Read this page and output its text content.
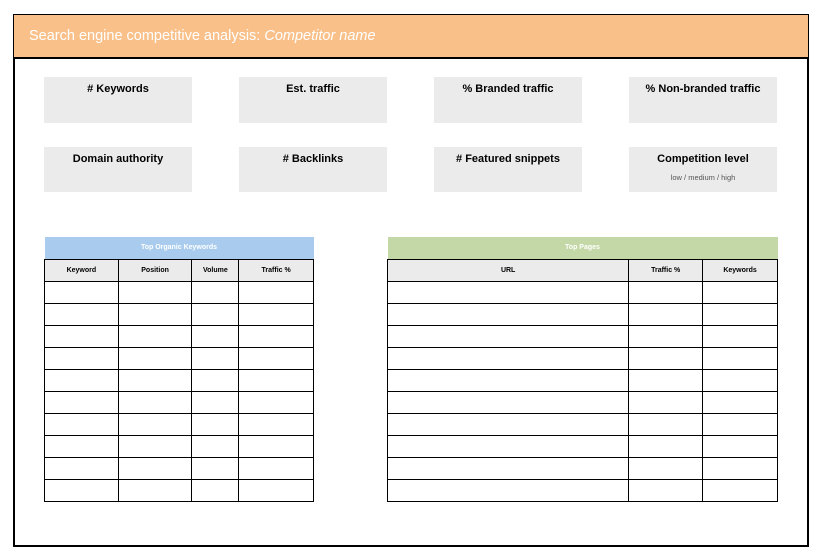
Search engine competitive analysis: Competitor name
# Keywords	Est. traffic	% Branded traffic	% Non-branded traffic
Domain authority	# Backlinks	# Featured snippets	Competition level
low / medium / high
Top Organic Keywords			
Keyword	Position	Volume	Traffic %

Top Pages		
URL	Traffic %	Keywords
